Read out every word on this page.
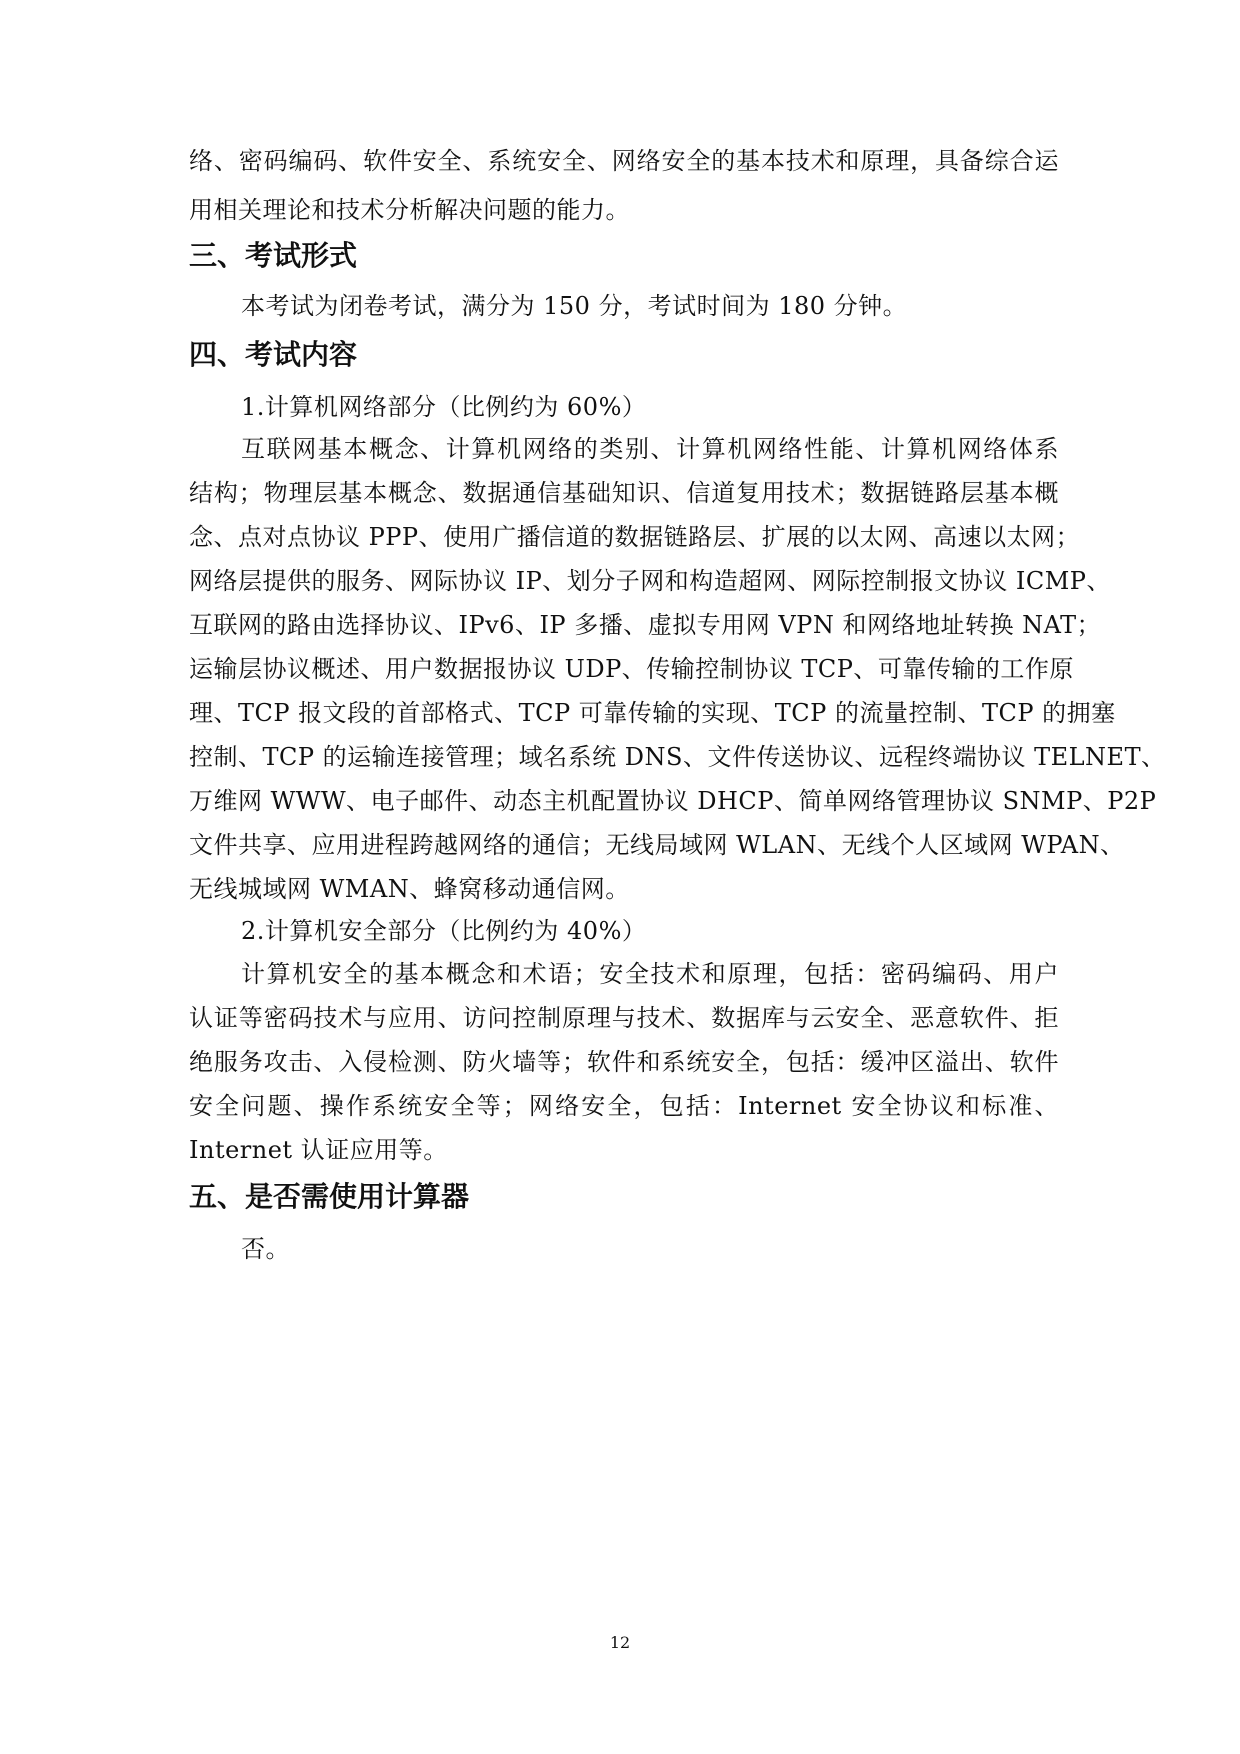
络、密码编码、软件安全、系统安全、网络安全的基本技术和原理，具备综合运
用相关理论和技术分析解决问题的能力。
三、考试形式
本考试为闭卷考试，满分为 150 分，考试时间为 180 分钟。
四、考试内容
1.计算机网络部分（比例约为 60%）
互联网基本概念、计算机网络的类别、计算机网络性能、计算机网络体系
结构；物理层基本概念、数据通信基础知识、信道复用技术；数据链路层基本概
念、点对点协议 PPP、使用广播信道的数据链路层、扩展的以太网、高速以太网；
网络层提供的服务、网际协议 IP、划分子网和构造超网、网际控制报文协议 ICMP、
互联网的路由选择协议、IPv6、IP 多播、虚拟专用网 VPN 和网络地址转换 NAT；
运输层协议概述、用户数据报协议 UDP、传输控制协议 TCP、可靠传输的工作原
理、TCP 报文段的首部格式、TCP 可靠传输的实现、TCP 的流量控制、TCP 的拥塞
控制、TCP 的运输连接管理；域名系统 DNS、文件传送协议、远程终端协议 TELNET、
万维网 WWW、电子邮件、动态主机配置协议 DHCP、简单网络管理协议 SNMP、P2P
文件共享、应用进程跨越网络的通信；无线局域网 WLAN、无线个人区域网 WPAN、
无线城域网 WMAN、蜂窝移动通信网。
2.计算机安全部分（比例约为 40%）
计算机安全的基本概念和术语；安全技术和原理，包括：密码编码、用户
认证等密码技术与应用、访问控制原理与技术、数据库与云安全、恶意软件、拒
绝服务攻击、入侵检测、防火墙等；软件和系统安全，包括：缓冲区溢出、软件
安全问题、操作系统安全等；网络安全，包括：Internet 安全协议和标准、
Internet 认证应用等。
五、是否需使用计算器
否。
12
